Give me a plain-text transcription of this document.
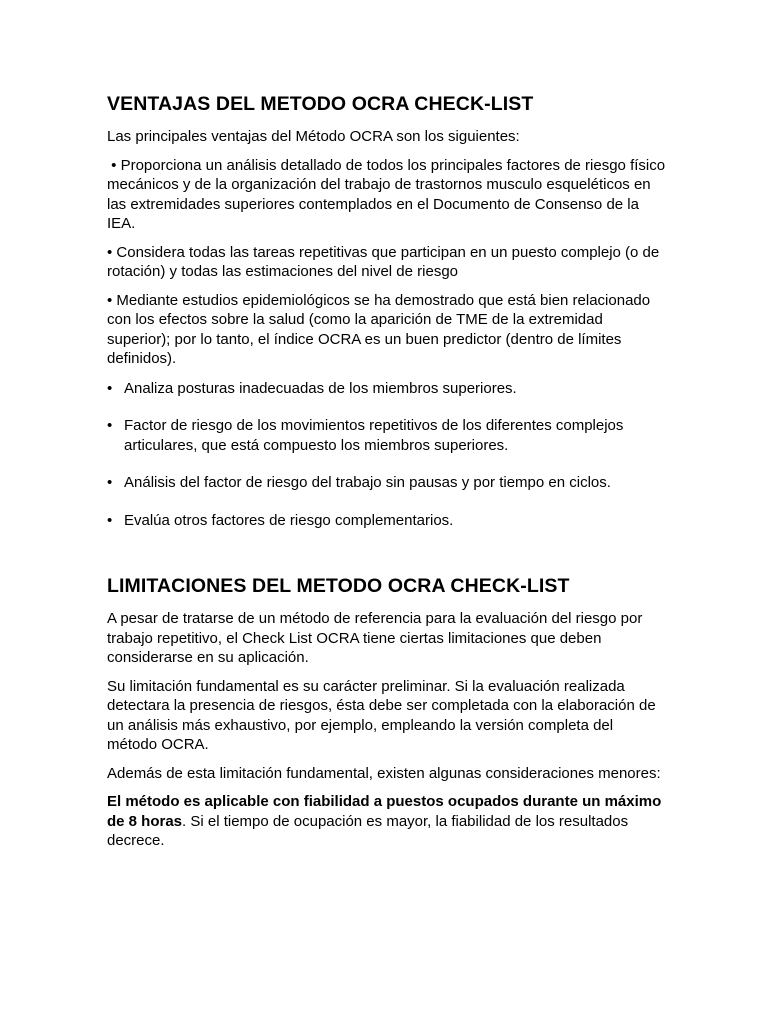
VENTAJAS DEL METODO OCRA CHECK-LIST

Las principales ventajas del Método OCRA son los siguientes:

• Proporciona un análisis detallado de todos los principales factores de riesgo físico mecánicos y de la organización del trabajo de trastornos musculo esqueléticos en las extremidades superiores contemplados en el Documento de Consenso de la IEA.

• Considera todas las tareas repetitivas que participan en un puesto complejo (o de rotación) y todas las estimaciones del nivel de riesgo

• Mediante estudios epidemiológicos se ha demostrado que está bien relacionado con los efectos sobre la salud (como la aparición de TME de la extremidad superior); por lo tanto, el índice OCRA es un buen predictor (dentro de límites definidos).

• Analiza posturas inadecuadas de los miembros superiores.
• Factor de riesgo de los movimientos repetitivos de los diferentes complejos articulares, que está compuesto los miembros superiores.
• Análisis del factor de riesgo del trabajo sin pausas y por tiempo en ciclos.
• Evalúa otros factores de riesgo complementarios.
LIMITACIONES DEL METODO OCRA CHECK-LIST

A pesar de tratarse de un método de referencia para la evaluación del riesgo por trabajo repetitivo, el Check List OCRA tiene ciertas limitaciones que deben considerarse en su aplicación.

Su limitación fundamental es su carácter preliminar. Si la evaluación realizada detectara la presencia de riesgos, ésta debe ser completada con la elaboración de un análisis más exhaustivo, por ejemplo, empleando la versión completa del método OCRA.

Además de esta limitación fundamental, existen algunas consideraciones menores:

El método es aplicable con fiabilidad a puestos ocupados durante un máximo de 8 horas. Si el tiempo de ocupación es mayor, la fiabilidad de los resultados decrece.
